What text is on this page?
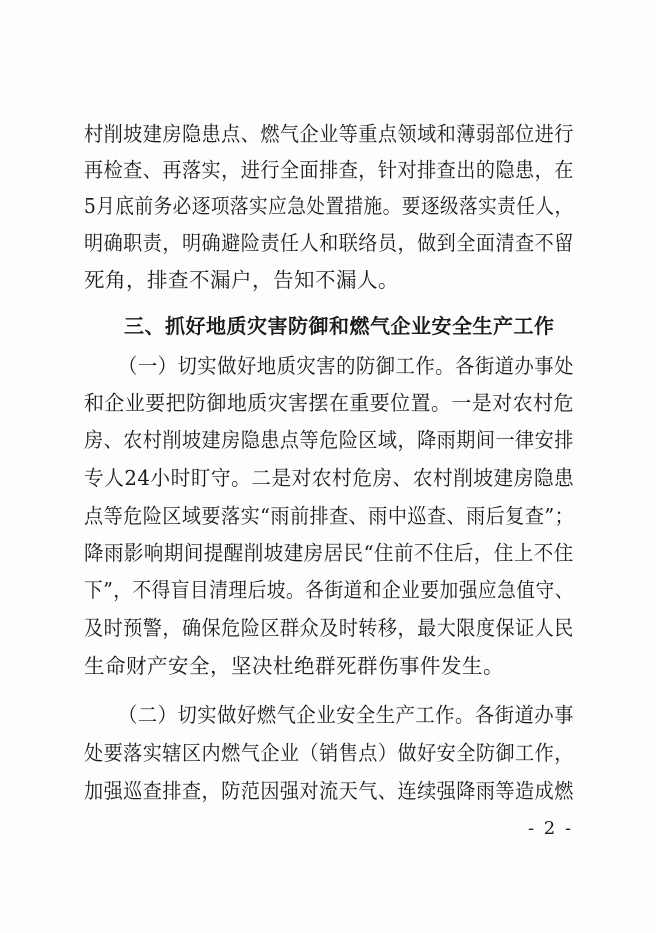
村削坡建房隐患点、燃气企业等重点领域和薄弱部位进行
再检查、再落实，进行全面排查，针对排查出的隐患，在
5月底前务必逐项落实应急处置措施。要逐级落实责任人，
明确职责，明确避险责任人和联络员，做到全面清查不留
死角，排查不漏户，告知不漏人。
三、抓好地质灾害防御和燃气企业安全生产工作
（一）切实做好地质灾害的防御工作。各街道办事处
和企业要把防御地质灾害摆在重要位置。一是对农村危
房、农村削坡建房隐患点等危险区域，降雨期间一律安排
专人24小时盯守。二是对农村危房、农村削坡建房隐患
点等危险区域要落实“雨前排查、雨中巡查、雨后复查”；
降雨影响期间提醒削坡建房居民“住前不住后，住上不住
下”，不得盲目清理后坡。各街道和企业要加强应急值守、
及时预警，确保危险区群众及时转移，最大限度保证人民
生命财产安全，坚决杜绝群死群伤事件发生。
（二）切实做好燃气企业安全生产工作。各街道办事
处要落实辖区内燃气企业（销售点）做好安全防御工作，
加强巡查排查，防范因强对流天气、连续强降雨等造成燃
- 2 -
